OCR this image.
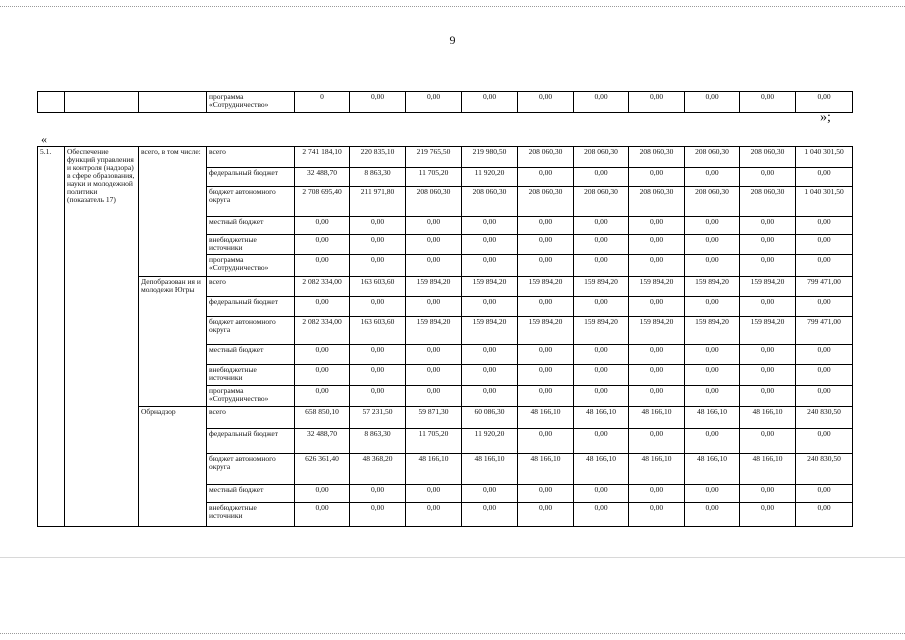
9
			программа «Сотрудничество»	0	0,00	0,00	0,00	0,00	0,00	0,00	0,00	0,00	0,00
»;
«
5.1.	Обеспечение функций управления и контроля (надзора) в сфере образования, науки и молодежной политики (показатель 17)	всего, в том числе:	всего	2 741 184,10	220 835,10	219 765,50	219 980,50	208 060,30	208 060,30	208 060,30	208 060,30	208 060,30	1 040 301,50
			федеральный бюджет	32 488,70	8 863,30	11 705,20	11 920,20	0,00	0,00	0,00	0,00	0,00	0,00
			бюджет автономного округа	2 708 695,40	211 971,80	208 060,30	208 060,30	208 060,30	208 060,30	208 060,30	208 060,30	208 060,30	1 040 301,50
			местный бюджет	0,00	0,00	0,00	0,00	0,00	0,00	0,00	0,00	0,00	0,00
			внебюджетные источники	0,00	0,00	0,00	0,00	0,00	0,00	0,00	0,00	0,00	0,00
			программа «Сотрудничество»	0,00	0,00	0,00	0,00	0,00	0,00	0,00	0,00	0,00	0,00
		Депобразован ия и молодежи Югры	всего	2 082 334,00	163 603,60	159 894,20	159 894,20	159 894,20	159 894,20	159 894,20	159 894,20	159 894,20	799 471,00
			федеральный бюджет	0,00	0,00	0,00	0,00	0,00	0,00	0,00	0,00	0,00	0,00
			бюджет автономного округа	2 082 334,00	163 603,60	159 894,20	159 894,20	159 894,20	159 894,20	159 894,20	159 894,20	159 894,20	799 471,00
			местный бюджет	0,00	0,00	0,00	0,00	0,00	0,00	0,00	0,00	0,00	0,00
			внебюджетные источники	0,00	0,00	0,00	0,00	0,00	0,00	0,00	0,00	0,00	0,00
			программа «Сотрудничество»	0,00	0,00	0,00	0,00	0,00	0,00	0,00	0,00	0,00	0,00
		Обрнадзор	всего	658 850,10	57 231,50	59 871,30	60 086,30	48 166,10	48 166,10	48 166,10	48 166,10	48 166,10	240 830,50
			федеральный бюджет	32 488,70	8 863,30	11 705,20	11 920,20	0,00	0,00	0,00	0,00	0,00	0,00
			бюджет автономного округа	626 361,40	48 368,20	48 166,10	48 166,10	48 166,10	48 166,10	48 166,10	48 166,10	48 166,10	240 830,50
			местный бюджет	0,00	0,00	0,00	0,00	0,00	0,00	0,00	0,00	0,00	0,00
			внебюджетные источники	0,00	0,00	0,00	0,00	0,00	0,00	0,00	0,00	0,00	0,00
